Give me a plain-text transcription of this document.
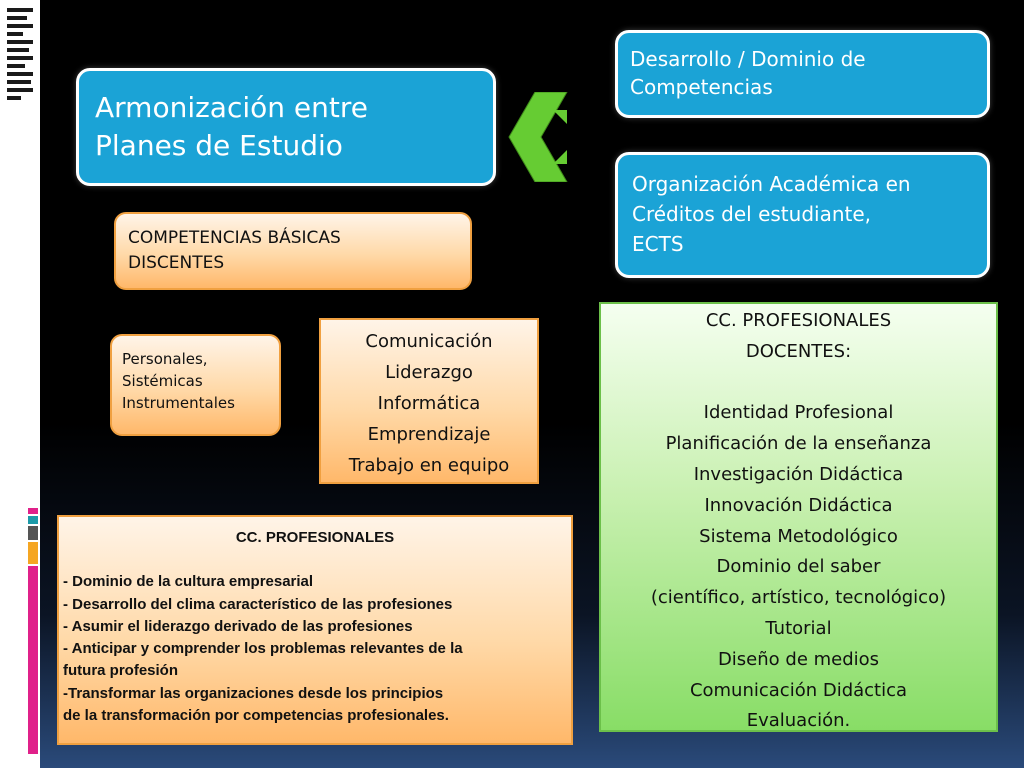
Armonización entre
Planes de Estudio
Desarrollo / Dominio de
Competencias
Organización Académica en
Créditos del estudiante,
ECTS
COMPETENCIAS BÁSICAS
DISCENTES
Personales,
Sistémicas
Instrumentales
Comunicación
Liderazgo
Informática
Emprendizaje
Trabajo en equipo
CC. PROFESIONALES
DOCENTES:
Identidad Profesional
Planificación de la enseñanza
Investigación Didáctica
Innovación Didáctica
Sistema Metodológico
Dominio del saber
(científico, artístico, tecnológico)
Tutorial
Diseño de medios
Comunicación Didáctica
Evaluación.
CC. PROFESIONALES
- Dominio de la cultura empresarial
- Desarrollo del clima característico de las profesiones
- Asumir el liderazgo derivado de las profesiones
- Anticipar y comprender los problemas relevantes de la
futura profesión
-Transformar las organizaciones desde los principios
de la transformación por competencias profesionales.
